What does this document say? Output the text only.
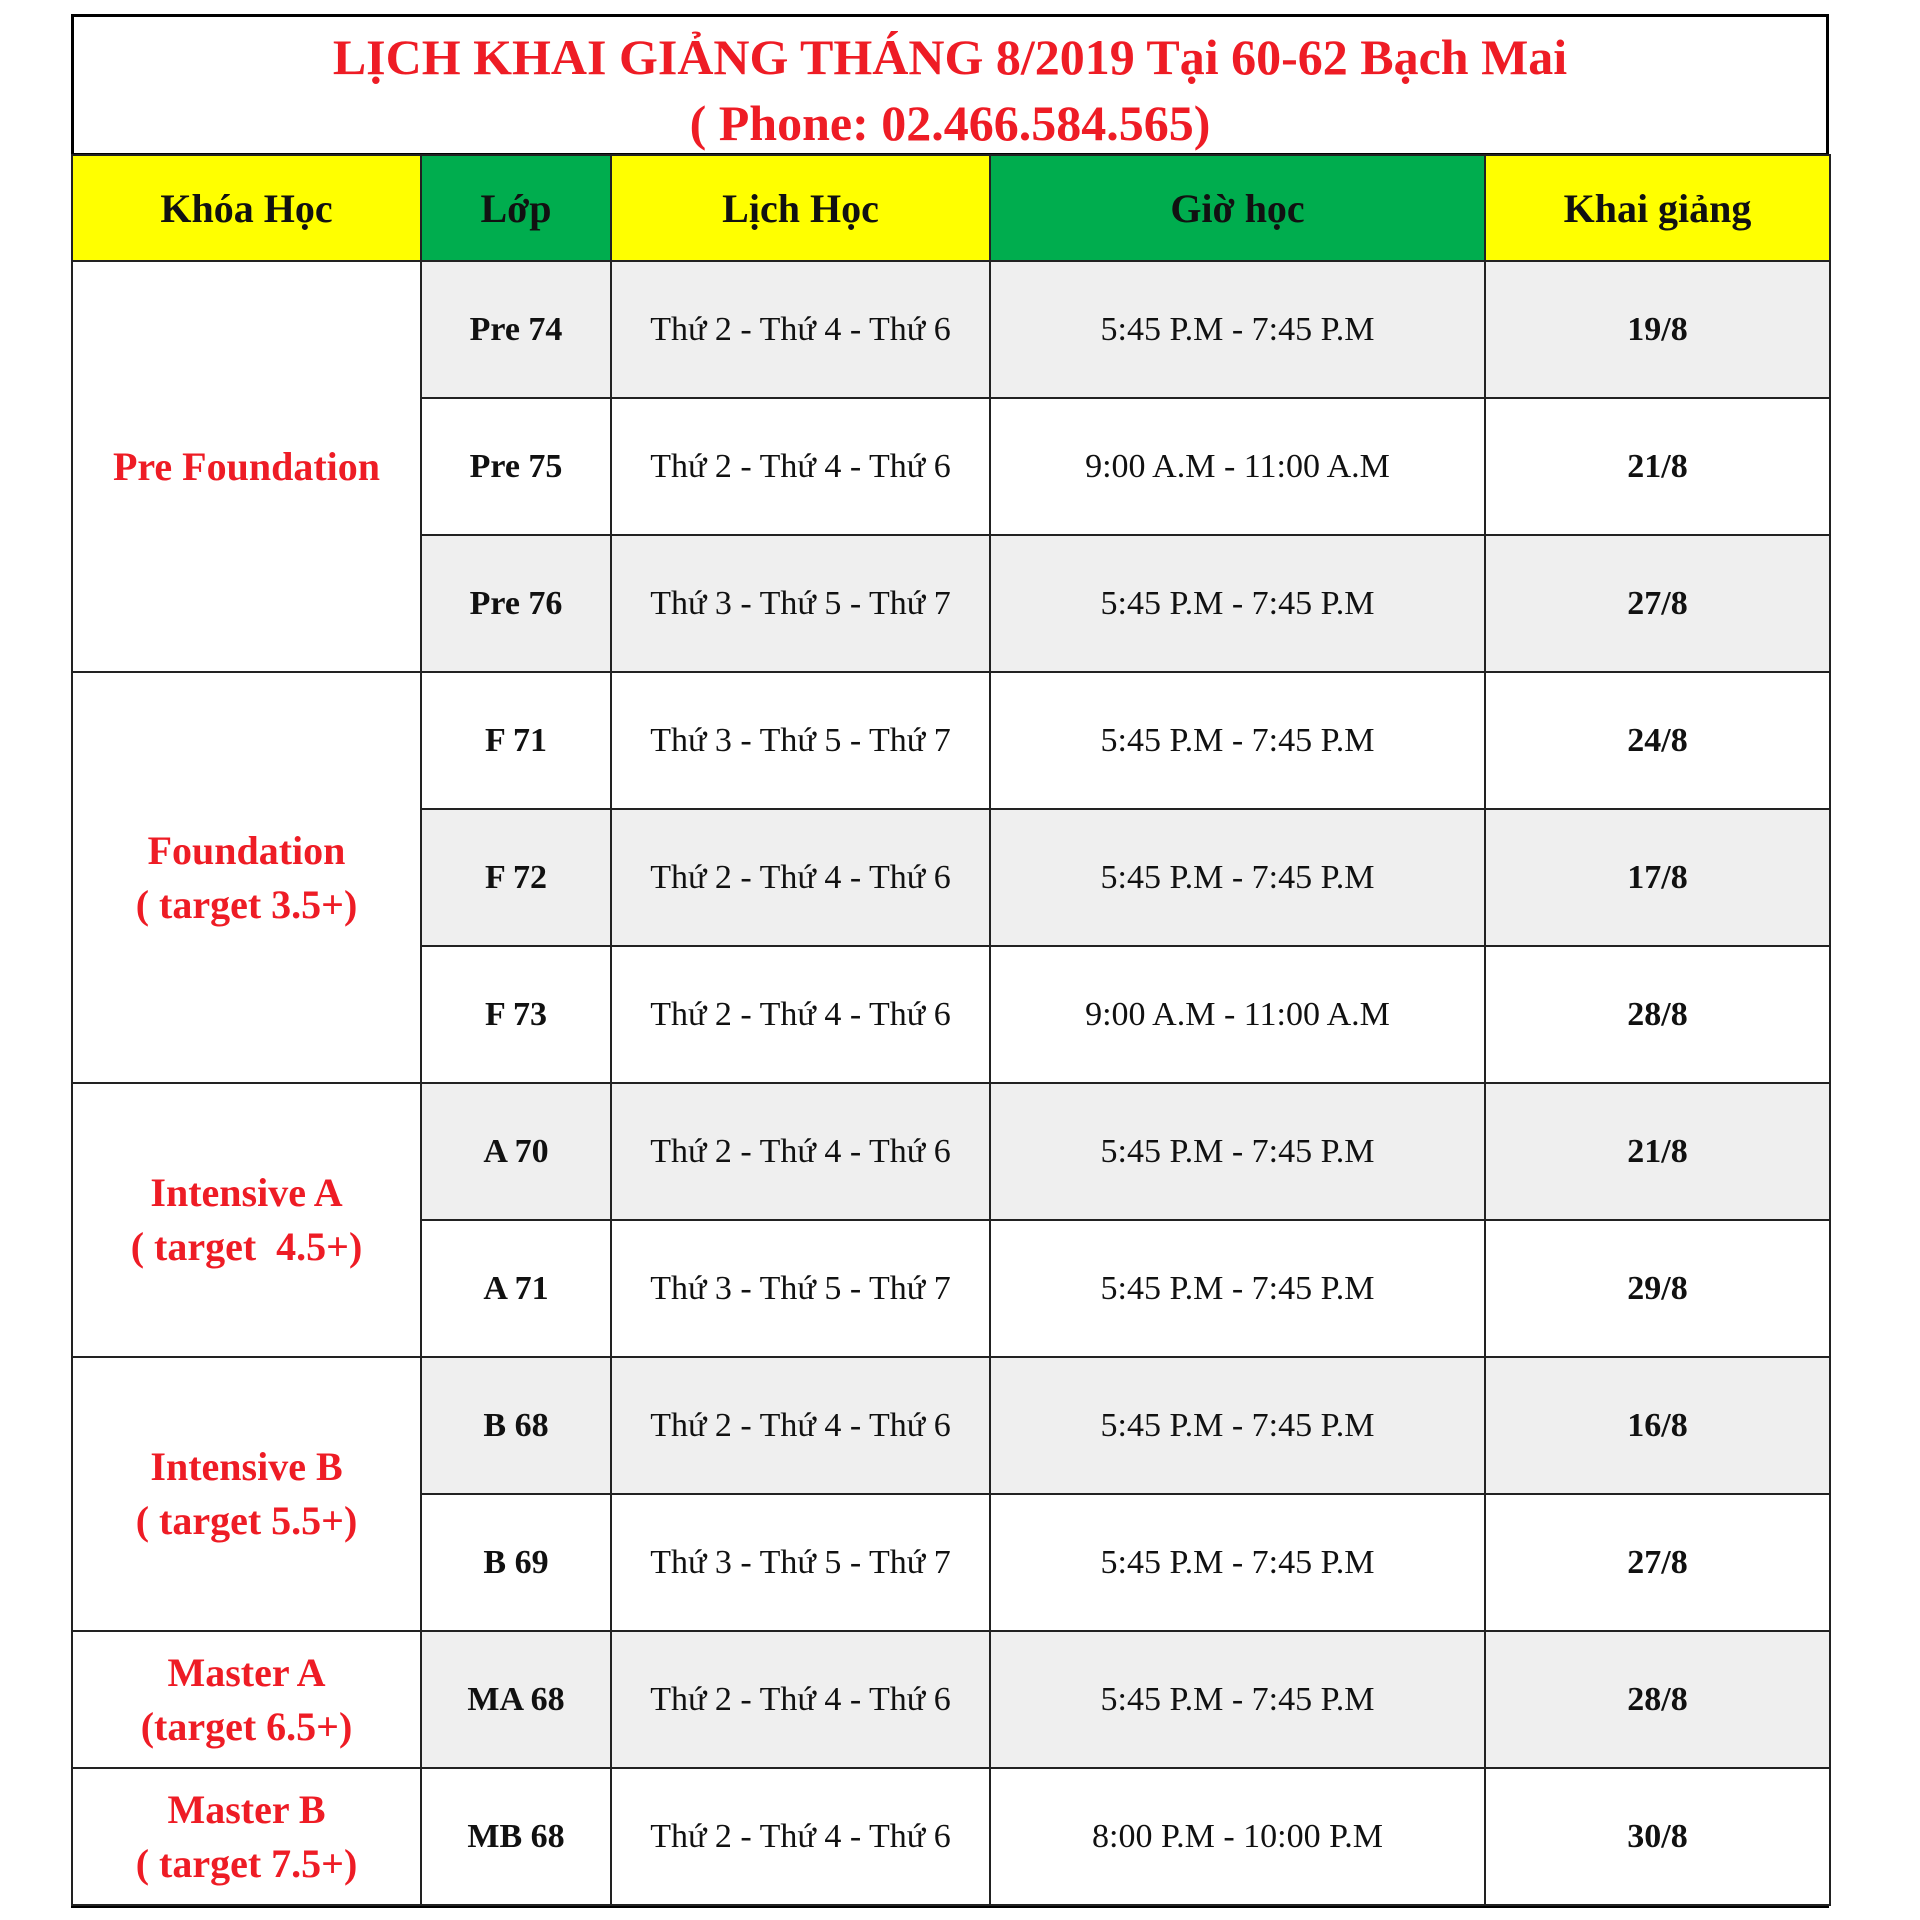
LỊCH KHAI GIẢNG THÁNG 8/2019 Tại 60-62 Bạch Mai
( Phone: 02.466.584.565)
Khóa Học	Lớp	Lịch Học	Giờ học	Khai giảng

Pre Foundation	Pre 74	Thứ 2 - Thứ 4 - Thứ 6	5:45 P.M - 7:45 P.M	19/8
	Pre 75	Thứ 2 - Thứ 4 - Thứ 6	9:00 A.M - 11:00 A.M	21/8
	Pre 76	Thứ 3 - Thứ 5 - Thứ 7	5:45 P.M - 7:45 P.M	27/8

Foundation
( target 3.5+)	F 71	Thứ 3 - Thứ 5 - Thứ 7	5:45 P.M - 7:45 P.M	24/8
	F 72	Thứ 2 - Thứ 4 - Thứ 6	5:45 P.M - 7:45 P.M	17/8
	F 73	Thứ 2 - Thứ 4 - Thứ 6	9:00 A.M - 11:00 A.M	28/8

Intensive A
( target  4.5+)	A 70	Thứ 2 - Thứ 4 - Thứ 6	5:45 P.M - 7:45 P.M	21/8
	A 71	Thứ 3 - Thứ 5 - Thứ 7	5:45 P.M - 7:45 P.M	29/8

Intensive B
( target 5.5+)	B 68	Thứ 2 - Thứ 4 - Thứ 6	5:45 P.M - 7:45 P.M	16/8
	B 69	Thứ 3 - Thứ 5 - Thứ 7	5:45 P.M - 7:45 P.M	27/8

Master A
(target 6.5+)	MA 68	Thứ 2 - Thứ 4 - Thứ 6	5:45 P.M - 7:45 P.M	28/8

Master B
( target 7.5+)	MB 68	Thứ 2 - Thứ 4 - Thứ 6	8:00 P.M - 10:00 P.M	30/8
